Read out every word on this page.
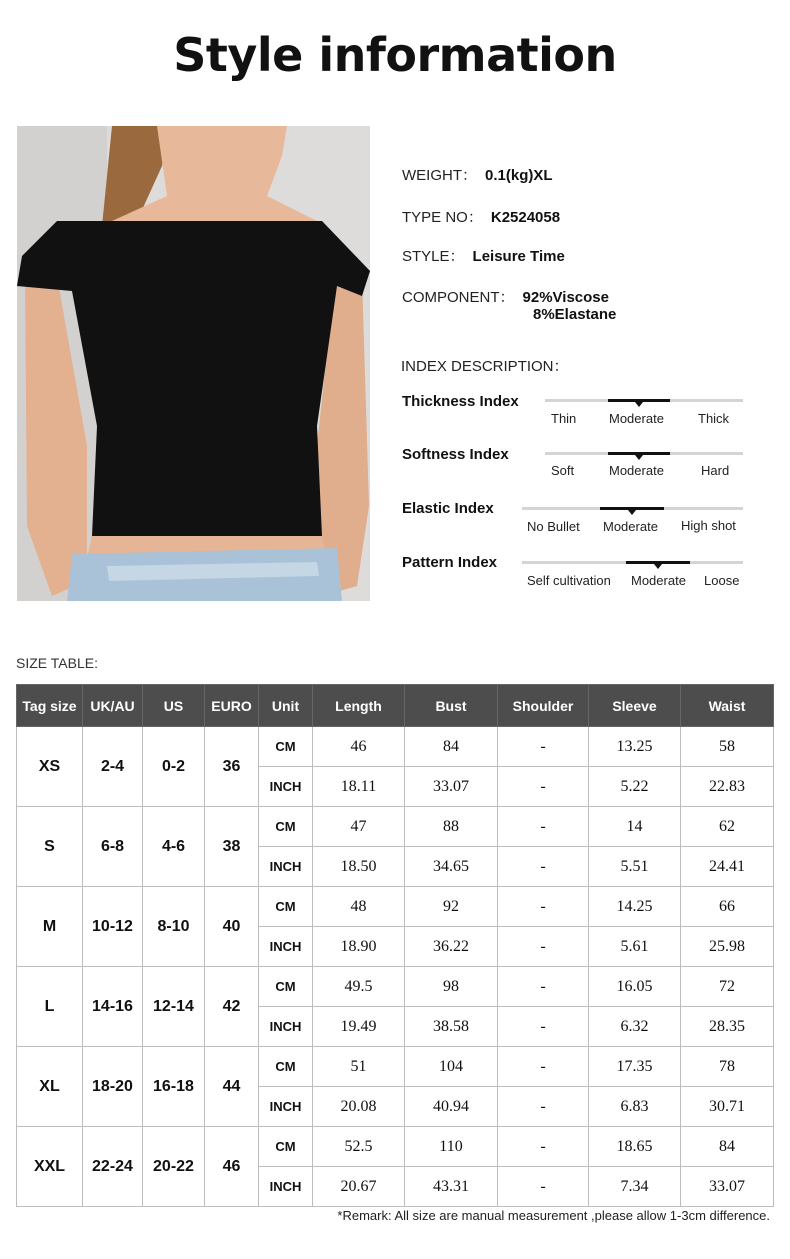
Style information
WEIGHT： 0.1(kg)XL
TYPE NO： K2524058
STYLE： Leisure Time
COMPONENT： 92%Viscose
8%Elastane
INDEX DESCRIPTION：
Thickness Index
Thin	Moderate	Thick
Softness Index
Soft	Moderate	Hard
Elastic Index
No Bullet Moderate High shot
Pattern Index
Self cultivation Moderate Loose
SIZE TABLE:
Tag size	UK/AU	US	EURO	Unit	Length	Bust	Shoulder	Sleeve	Waist
XS	2-4	0-2	36	CM	46	84	-	13.25	58
				INCH	18.11	33.07	-	5.22	22.83
S	6-8	4-6	38	CM	47	88	-	14	62
				INCH	18.50	34.65	-	5.51	24.41
M	10-12	8-10	40	CM	48	92	-	14.25	66
				INCH	18.90	36.22	-	5.61	25.98
L	14-16	12-14	42	CM	49.5	98	-	16.05	72
				INCH	19.49	38.58	-	6.32	28.35
XL	18-20	16-18	44	CM	51	104	-	17.35	78
				INCH	20.08	40.94	-	6.83	30.71
XXL	22-24	20-22	46	CM	52.5	110	-	18.65	84
				INCH	20.67	43.31	-	7.34	33.07
*Remark: All size are manual measurement ,please allow 1-3cm difference.
